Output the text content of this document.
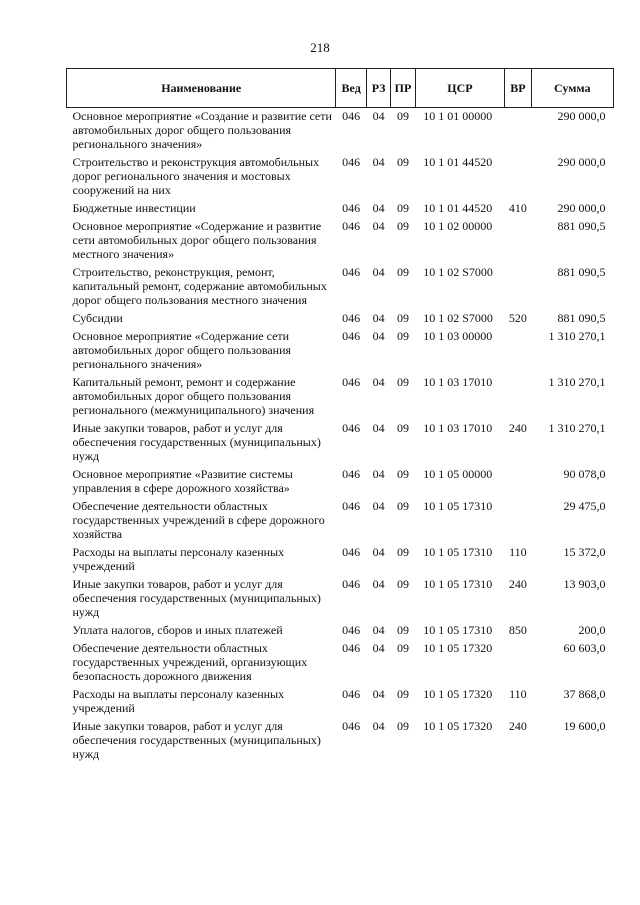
218
Наименование	Вед	РЗ	ПР	ЦСР	ВР	Сумма
Основное мероприятие «Создание и развитие сети автомобильных дорог общего пользования регионального значения»	046	04	09	10 1 01 00000		290 000,0
Строительство и реконструкция автомобильных дорог регионального значения и мостовых сооружений на них	046	04	09	10 1 01 44520		290 000,0
Бюджетные инвестиции	046	04	09	10 1 01 44520	410	290 000,0
Основное мероприятие «Содержание и развитие сети автомобильных дорог общего пользования местного значения»	046	04	09	10 1 02 00000		881 090,5
Строительство, реконструкция, ремонт, капитальный ремонт, содержание автомобильных дорог общего пользования местного значения	046	04	09	10 1 02 S7000		881 090,5
Субсидии	046	04	09	10 1 02 S7000	520	881 090,5
Основное мероприятие «Содержание сети автомобильных дорог общего пользования регионального значения»	046	04	09	10 1 03 00000		1 310 270,1
Капитальный ремонт, ремонт и содержание автомобильных дорог общего пользования регионального (межмуниципального) значения	046	04	09	10 1 03 17010		1 310 270,1
Иные закупки товаров, работ и услуг для обеспечения государственных (муниципальных) нужд	046	04	09	10 1 03 17010	240	1 310 270,1
Основное мероприятие «Развитие системы управления в сфере дорожного хозяйства»	046	04	09	10 1 05 00000		90 078,0
Обеспечение деятельности областных государственных учреждений в сфере дорожного хозяйства	046	04	09	10 1 05 17310		29 475,0
Расходы на выплаты персоналу казенных учреждений	046	04	09	10 1 05 17310	110	15 372,0
Иные закупки товаров, работ и услуг для обеспечения государственных (муниципальных) нужд	046	04	09	10 1 05 17310	240	13 903,0
Уплата налогов, сборов и иных платежей	046	04	09	10 1 05 17310	850	200,0
Обеспечение деятельности областных государственных учреждений, организующих безопасность дорожного движения	046	04	09	10 1 05 17320		60 603,0
Расходы на выплаты персоналу казенных учреждений	046	04	09	10 1 05 17320	110	37 868,0
Иные закупки товаров, работ и услуг для обеспечения государственных (муниципальных) нужд	046	04	09	10 1 05 17320	240	19 600,0
